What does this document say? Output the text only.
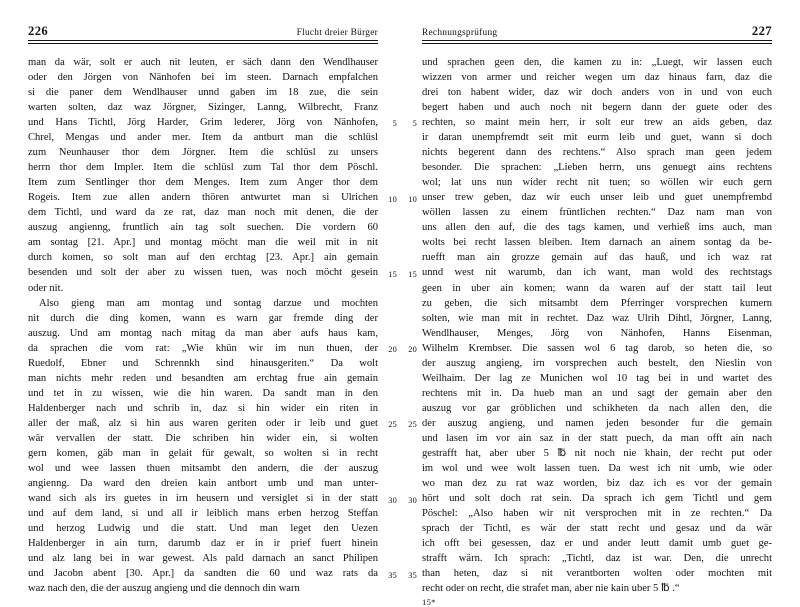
226	Flucht dreier Bürger
man da wär, solt er auch nit leuten, er säch dann den Wendlhauser
oder den Jörgen von Nänhofen bei im steen. Darnach empfalchen
si die paner dem Wendlhauser unnd gaben im 18 zue, die sein
warten solten, daz waz Jörgner, Sizinger, Lanng, Wilbrecht, Franz
und Hans Tichtl, Jörg Harder, Grim lederer, Jörg von Nänhofen, 5
Chrel, Mengas und ander mer. Item da antburt man die schlüsl
zum Neunhauser thor dem Jörgner. Item die schlüsl zu unsers
herrn thor dem Impler. Item die schlüsl zum Tal thor dem Pöschl.
Item zum Sentlinger thor dem Menges. Item zum Anger thor dem
Rogeis. Item zue allen andern thören antwurtet man si Ulrichen 10
dem Tichtl, und ward da ze rat, daz man noch mit denen, die der
auszug angienng, fruntlich ain tag solt suechen. Die vordern 60
am sontag [21. Apr.] und montag möcht man die weil mit in nit
durch komen, so solt man auf den erchtag [23. Apr.] ain gemain
besenden und solt der aber zu wissen tuen, was noch möcht gesein 15
oder nit.
Also gieng man am montag und sontag darzue und mochten
nit durch die ding komen, wann es warn gar fremde ding der
auszug. Und am montag nach mitag da man aber aufs haus kam,
da sprachen die vom rat: „Wie khün wir im nun thuen, der 20
Ruedolf, Ebner und Schrennkh sind hinausgeriten.“ Da wolt
man nichts mehr reden und besandten am erchtag frue ain gemain
und tet in zu wissen, wie die hin waren. Da sandt man in den
Haldenberger nach und schrib in, daz si hin wider ein riten in
aller der maß, alz si hin aus waren geriten oder ir leib und guet 25
wär vervallen der statt. Die schriben hin wider ein, si wolten
gern komen, gäb man in gelait für gewalt, so wolten si in recht
wol und wee lassen thuen mitsambt den andern, die der auszug
angienng. Da ward den dreien kain antbort umb und man unter-
wand sich als irs guetes in irn heusern und versiglet si in der statt 30
und auf dem land, si und all ir leiblich mans erben herzog Steffan
und herzog Ludwig und die statt. Und man leget den Uezen
Haldenberger in ain turn, darumb daz er in ir prief fuert hinein
und alz lang bei in war gewest. Als pald darnach an sanct Philipen
und Jacobn abent [30. Apr.] da sandten die 60 und waz rats da 35
waz nach den, die der auszug angieng und die dennoch din warn
Rechnungsprüfung	227
und sprachen geen den, die kamen zu in: „Luegt, wir lassen euch
wizzen von armer und reicher wegen um daz hinaus farn, daz die
drei ton habent wider, daz wir doch anders von in und von euch
begert haben und auch noch nit begern dann der guete oder des
rechten, so maint mein herr, ir solt eur trew an aids geben, daz
5
ir daran unempfremdt seit mit eurm leib und guet, wann si doch
nichts begerent dann des rechtens.“ Also sprach man geen jedem
besonder. Die sprachen: „Lieben herrn, uns genuegt ains rechtens
wol; lat uns nun wider recht nit tuen; so wöllen wir euch gern
unser trew geben, daz wir euch unser leib und guet unempfrembd
10
wöllen lassen zu einem früntlichen rechten.“ Daz nam man von
uns allen den auf, die des tags kamen, und verhieß ims auch, man
wolts bei recht lassen bleiben. Item darnach an ainem sontag da be-
ruefft man ain grozze gemain auf das hauß, und ich waz rat
unnd west nit warumb, dan ich want, man wold des rechtstags
15
geen in uber ain komen; wann da waren auf der statt tail leut
zu geben, die sich mitsambt dem Pferringer vorsprechen kumern
solten, wie man mit in rechtet. Daz waz Ulrih Dihtl, Jörgner, Lanng,
Wendlhauser, Menges, Jörg von Nänhofen, Hanns Eisenman,
Wilhelm Krembser. Die sassen wol 6 tag darob, so heten die, so
20
der auszug angieng, irn vorsprechen auch bestelt, den Nieslin von
Weilhaim. Der lag ze Munichen wol 10 tag bei in und wartet des
rechtens mit in. Da hueb man an und sagt der gemain aber den
auszug vor gar gröblichen und schikheten da nach allen den, die
der auszug angieng, und namen jeden besonder fur die gemain
25
und lasen im vor ain saz in der statt puech, da man offt ain nach
gestrafft hat, aber uber 5 ℔ nit noch nie khain, der recht put oder
im wol und wee wolt lassen tuen. Da west ich nit umb, wie oder
wo man dez zu rat waz worden, biz daz ich es vor der gemain
hört und solt doch rat sein. Da sprach ich gem Tichtl und gem
30
Pöschel: „Also haben wir nit versprochen mit in ze rechten.“ Da
sprach der Tichtl, es wär der statt recht und gesaz und da wär
ich offt bei gesessen, daz er und ander leutt damit umb guet ge-
strafft wärn. Ich sprach: „Tichtl, daz ist war. Den, die unrecht
than heten, daz si nit verantborten wolten oder mochten mit
35
recht oder on recht, die strafet man, aber nie kain uber 5 ℔ .“
15*
